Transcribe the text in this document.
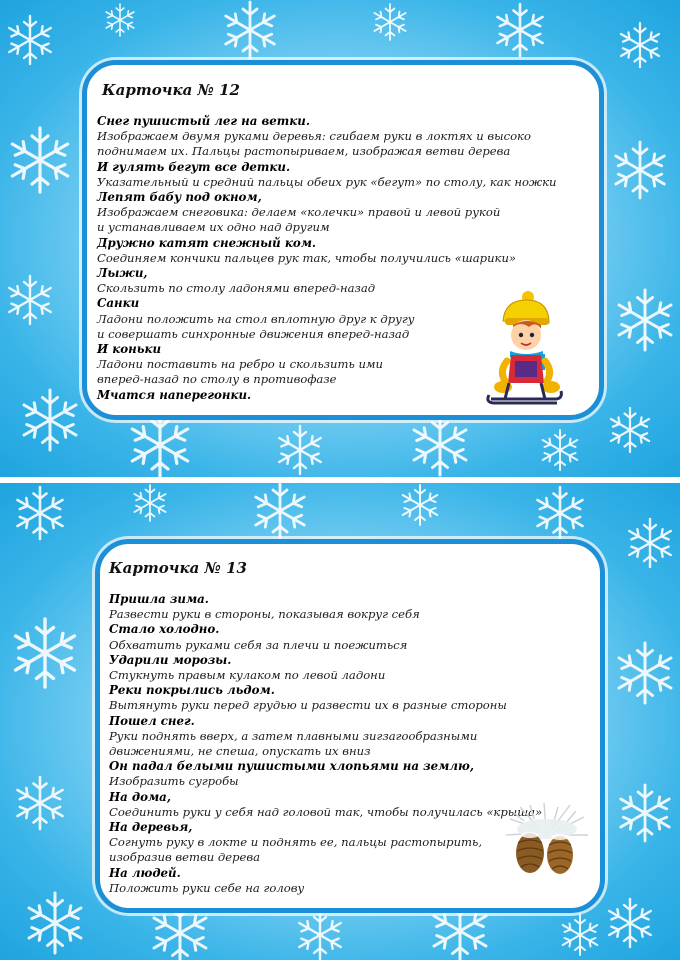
Карточка № 12
Снег пушистый лег на ветки.
Изображаем двумя руками деревья: сгибаем руки в локтях и высоко
поднимаем их. Пальцы растопыриваем, изображая ветви дерева
И гулять бегут все детки.
Указательный и средний пальцы обеих рук «бегут» по столу, как ножки
Лепят бабу под окном,
Изображаем снеговика: делаем «колечки» правой и левой рукой
и устанавливаем их одно над другим
Дружно катят снежный ком.
Соединяем кончики пальцев рук так, чтобы получились «шарики»
Лыжи,
Скользить по столу ладонями вперед-назад
Санки
Ладони положить на стол вплотную друг к другу
и совершать синхронные движения вперед-назад
И коньки
Ладони поставить на ребро и скользить ими
вперед-назад по столу в противофазе
Мчатся наперегонки.
Карточка № 13
Пришла зима.
Развести руки в стороны, показывая вокруг себя
Стало холодно.
Обхватить руками себя за плечи и поежиться
Ударили морозы.
Стукнуть правым кулаком по левой ладони
Реки покрылись льдом.
Вытянуть руки перед грудью и развести их в разные стороны
Пошел снег.
Руки поднять вверх, а затем плавными зигзагообразными
движениями, не спеша, опускать их вниз
Он падал белыми пушистыми хлопьями на землю,
Изобразить сугробы
На дома,
Соединить руки у себя над головой так, чтобы получилась «крыша»
На деревья,
Согнуть руку в локте и поднять ее, пальцы растопырить,
изобразив ветви дерева
На людей.
Положить руки себе на голову
